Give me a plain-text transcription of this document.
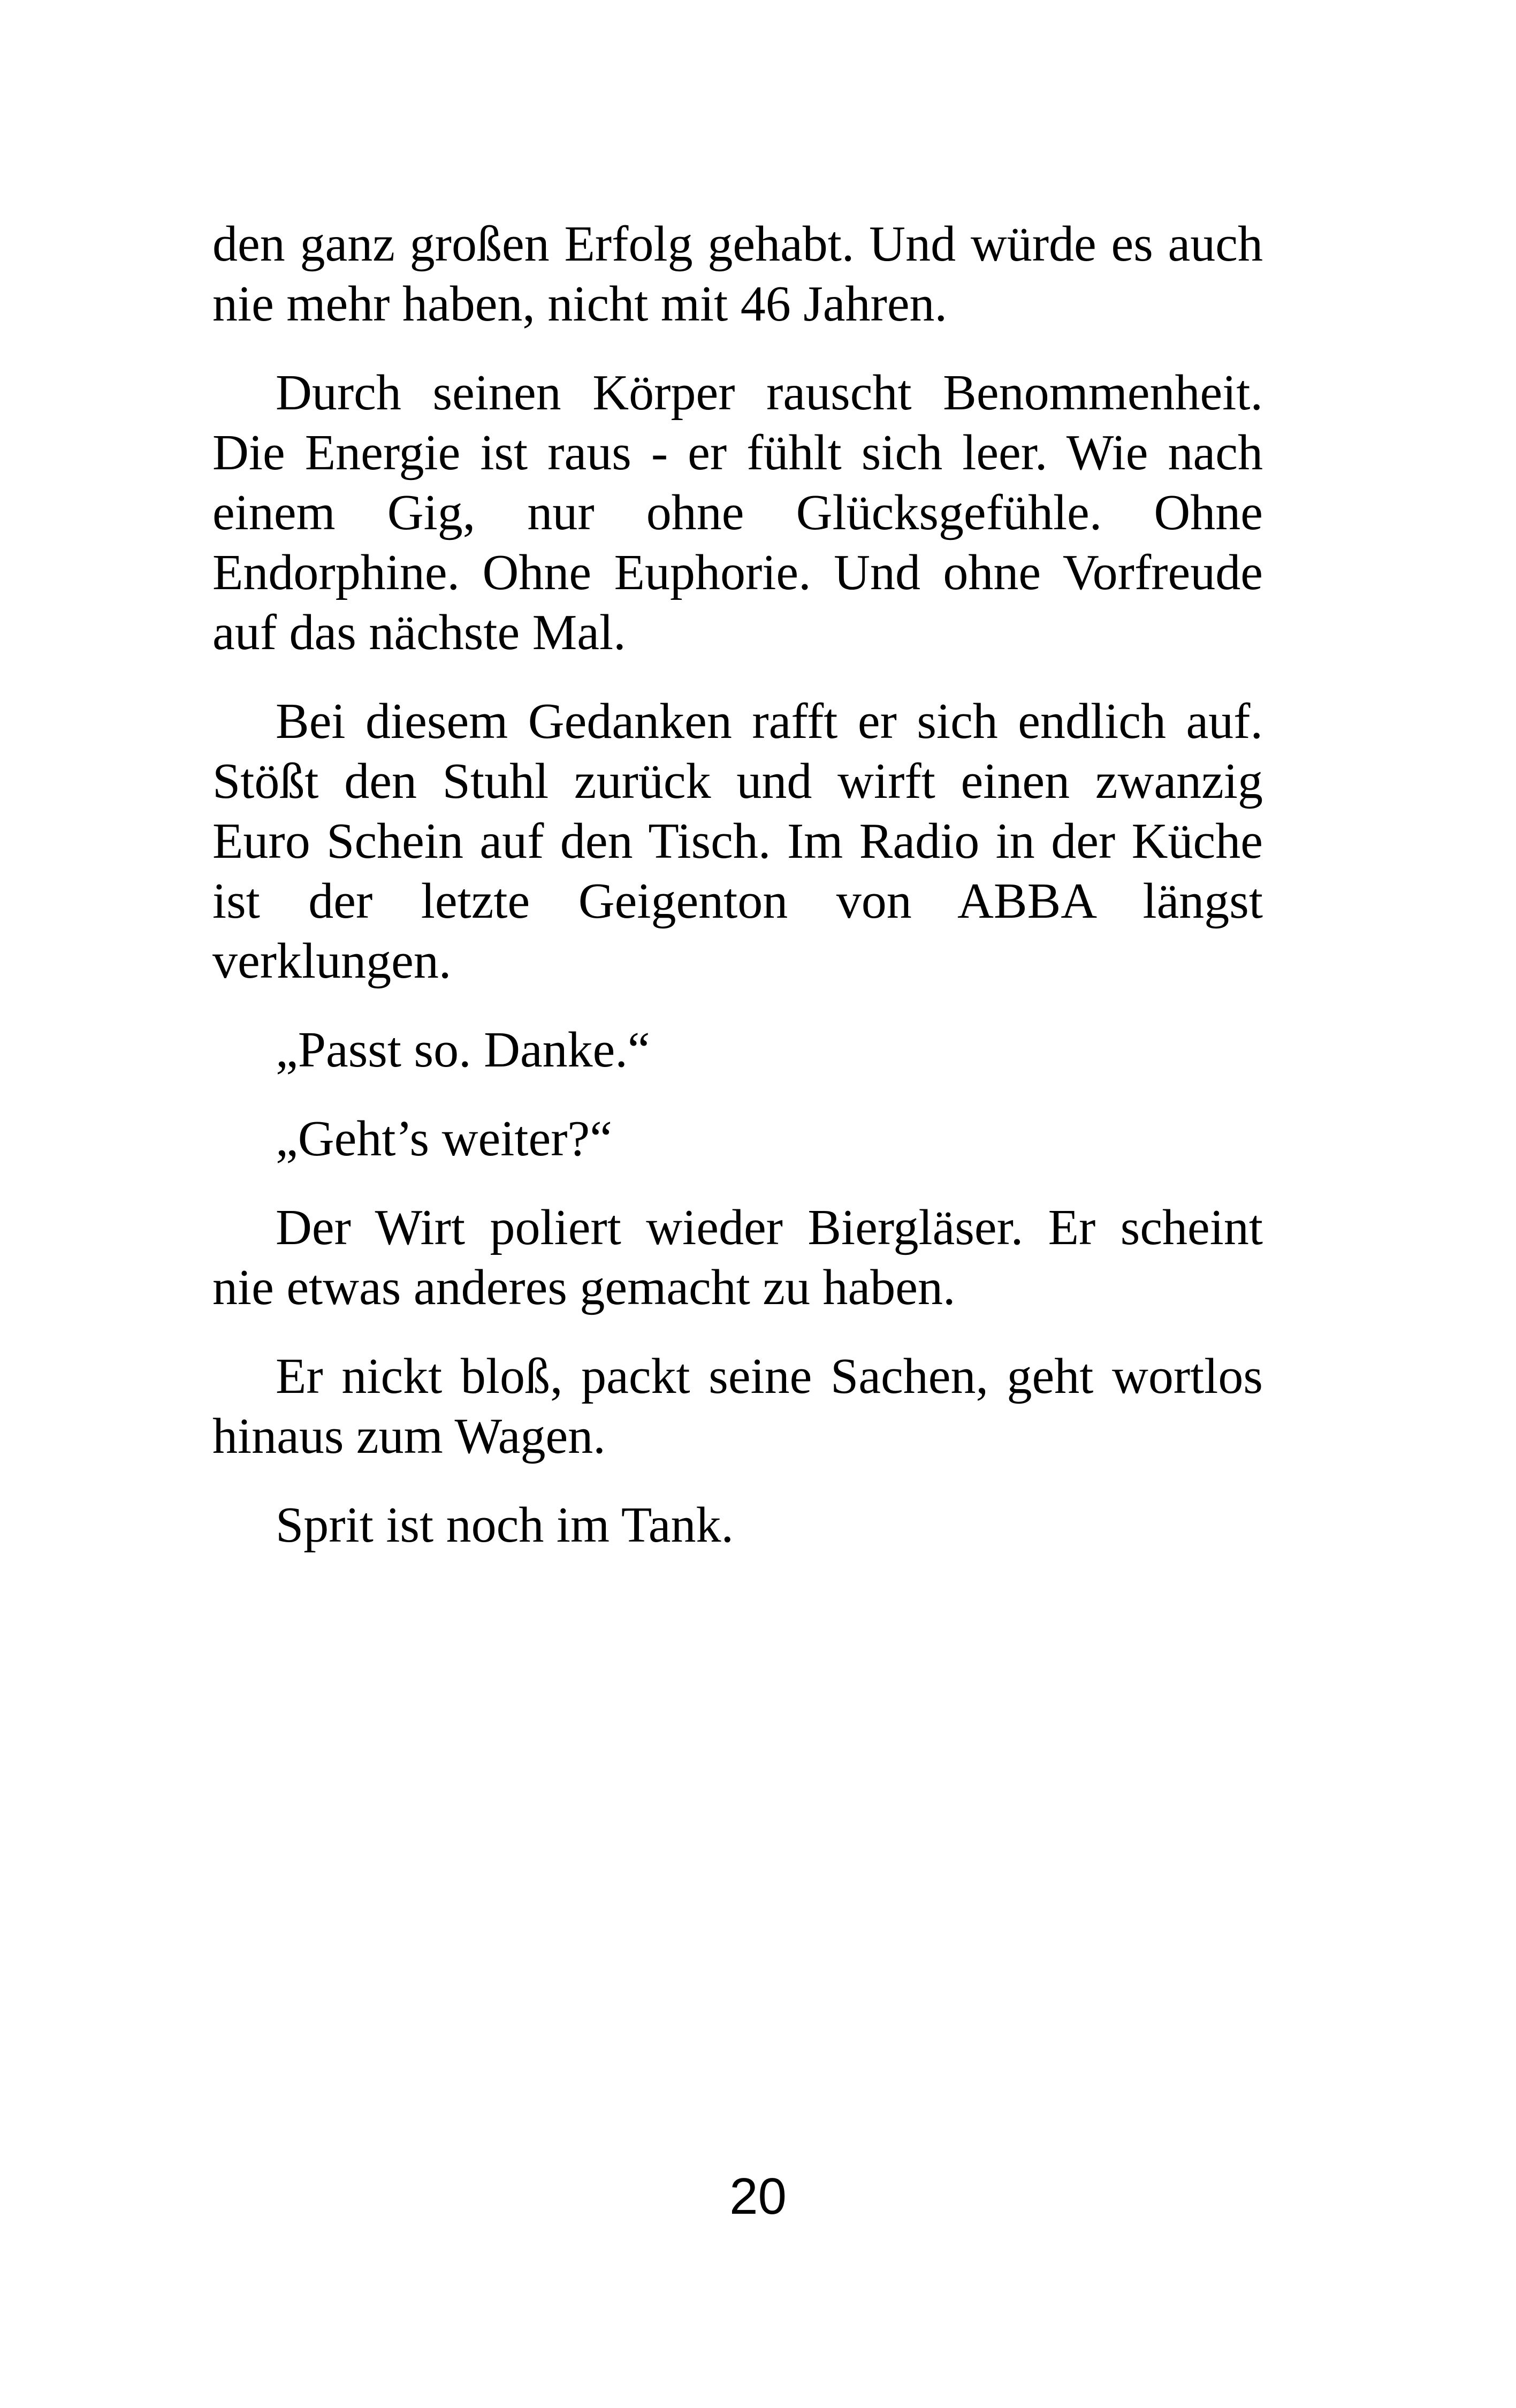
den ganz großen Erfolg gehabt. Und würde es auch nie mehr haben, nicht mit 46 Jahren.

Durch seinen Körper rauscht Benommenheit. Die Energie ist raus - er fühlt sich leer. Wie nach einem Gig, nur ohne Glücksgefühle. Ohne Endorphine. Ohne Euphorie. Und ohne Vorfreude auf das nächste Mal.

Bei diesem Gedanken rafft er sich endlich auf. Stößt den Stuhl zurück und wirft einen zwanzig Euro Schein auf den Tisch. Im Radio in der Küche ist der letzte Geigenton von ABBA längst verklungen.

„Passt so. Danke.“

„Geht’s weiter?“

Der Wirt poliert wieder Biergläser. Er scheint nie etwas anderes gemacht zu haben.

Er nickt bloß, packt seine Sachen, geht wortlos hinaus zum Wagen.

Sprit ist noch im Tank.

20
